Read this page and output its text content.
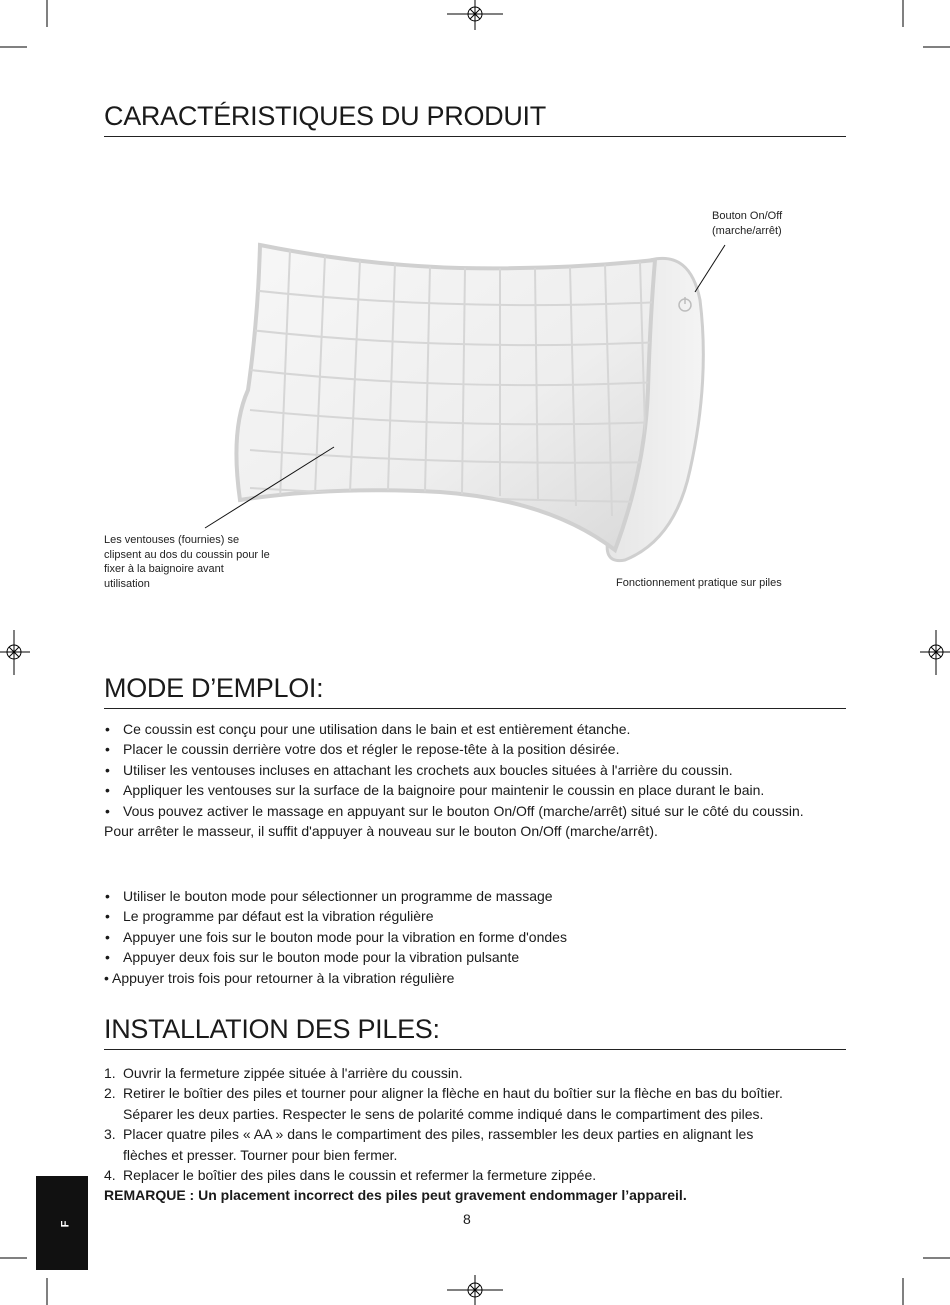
CARACTÉRISTIQUES DU PRODUIT
Bouton On/Off
(marche/arrêt)
Les ventouses (fournies) se
clipsent au dos du coussin pour le
fixer à la baignoire avant
utilisation	Fonctionnement pratique sur piles
MODE D’EMPLOI:
• Ce coussin est conçu pour une utilisation dans le bain et est entièrement étanche.
• Placer le coussin derrière votre dos et régler le repose-tête à la position désirée.
• Utiliser les ventouses incluses en attachant les crochets aux boucles situées à l'arrière du coussin.
• Appliquer les ventouses sur la surface de la baignoire pour maintenir le coussin en place durant le bain.
• Vous pouvez activer le massage en appuyant sur le bouton On/Off (marche/arrêt) situé sur le côté du coussin.
Pour arrêter le masseur, il suffit d'appuyer à nouveau sur le bouton On/Off (marche/arrêt).
• Utiliser le bouton mode pour sélectionner un programme de massage
• Le programme par défaut est la vibration régulière
• Appuyer une fois sur le bouton mode pour la vibration en forme d'ondes
• Appuyer deux fois sur le bouton mode pour la vibration pulsante
• Appuyer trois fois pour retourner à la vibration régulière
INSTALLATION DES PILES:
1. Ouvrir la fermeture zippée située à l'arrière du coussin.
2. Retirer le boîtier des piles et tourner pour aligner la flèche en haut du boîtier sur la flèche en bas du boîtier.
Séparer les deux parties. Respecter le sens de polarité comme indiqué dans le compartiment des piles.
3. Placer quatre piles « AA » dans le compartiment des piles, rassembler les deux parties en alignant les
flèches et presser. Tourner pour bien fermer.
4. Replacer le boîtier des piles dans le coussin et refermer la fermeture zippée.
REMARQUE : Un placement incorrect des piles peut gravement endommager l’appareil.
F	8
